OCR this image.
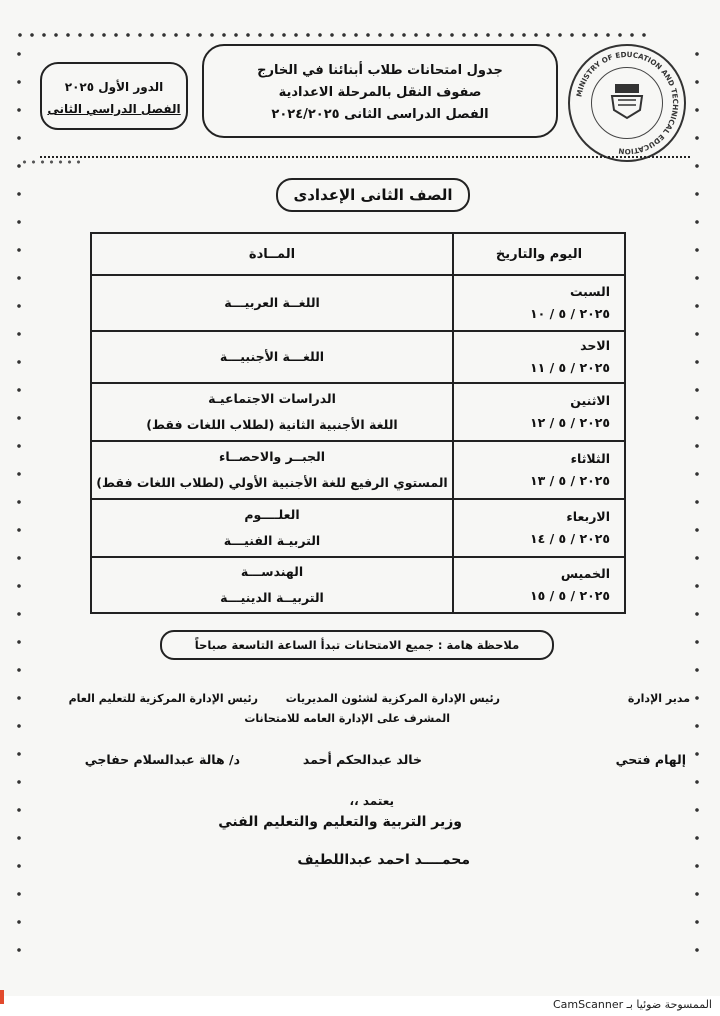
MINISTRY OF EDUCATION AND TECHNICAL EDUCATION
جدول امتحانات طلاب أبنائنا في الخارج
صفوف النقل بالمرحلة الاعدادية
الفصل الدراسى الثانى ٢٠٢٤/٢٠٢٥
الدور الأول ٢٠٢٥
الفصل الدراسي الثانى
الصف الثانى الإعدادى
اليوم والتاريخ	المــادة

السبت
٢٠٢٥ / ٥ / ١٠	اللغــة العربيـــة

الاحد
٢٠٢٥ / ٥ / ١١	اللغـــة الأجنبيـــة

الاثنين
٢٠٢٥ / ٥ / ١٢	الدراسات الاجتماعيـة
اللغة الأجنبية الثانية (لطلاب اللغات فقط)

الثلاثاء
٢٠٢٥ / ٥ / ١٣	الجبــر والاحصــاء
المستوي الرفيع للغة الأجنبية الأولي (لطلاب اللغات فقط)

الاربعاء
٢٠٢٥ / ٥ / ١٤	العلــــوم
التربيـة الفنيـــة

الخميس
٢٠٢٥ / ٥ / ١٥	الهندســـة
التربيــة الدينيـــة
ملاحظة هامة : جميع الامتحانات تبدأ الساعة التاسعة صباحاً
مدير الإدارة
رئيس الإدارة المركزية لشئون المديريات
المشرف على الإدارة العامه للامتحانات
رئيس الإدارة المركزية للتعليم العام
إلهام فتحي
خالد عبدالحكم أحمد
د/ هالة عبدالسلام حفاجي
يعتمد ،،
وزير التربية والتعليم والتعليم الفني
محمــــد احمد عبداللطيف
الممسوحة ضوئيا بـ CamScanner
